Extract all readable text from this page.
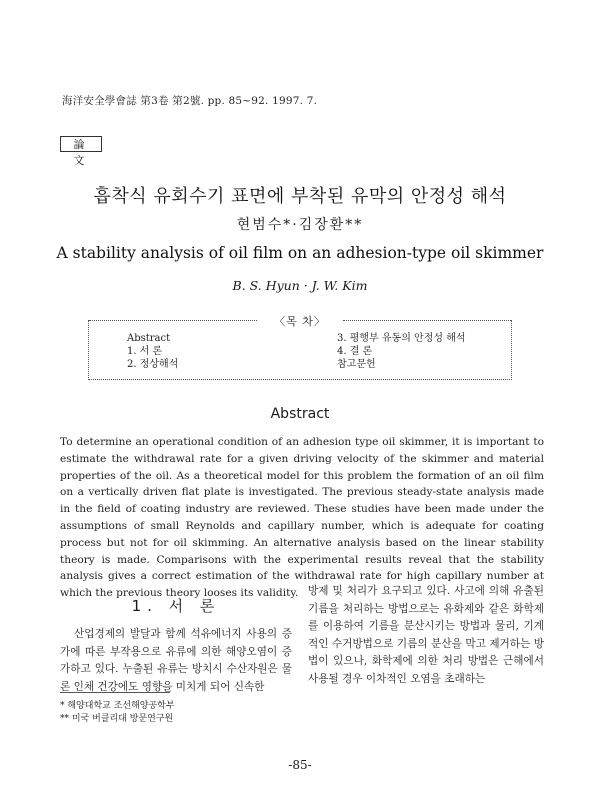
海洋安全學會誌 第3卷 第2號. pp. 85~92. 1997. 7.
論 文
흡착식 유회수기 표면에 부착된 유막의 안정성 해석
현범수*·김장환**
A stability analysis of oil film on an adhesion-type oil skimmer
B. S. Hyun · J. W. Kim
〈목 차〉
Abstract
1. 서 론
2. 정상해석
3. 평행부 유동의 안정성 해석
4. 결 론
참고문헌
Abstract
To determine an operational condition of an adhesion type oil skimmer, it is important to estimate the withdrawal rate for a given driving velocity of the skimmer and material properties of the oil. As a theoretical model for this problem the formation of an oil film on a vertically driven flat plate is investigated. The previous steady-state analysis made in the field of coating industry are reviewed. These studies have been made under the assumptions of small Reynolds and capillary number, which is adequate for coating process but not for oil skimming. An alternative analysis based on the linear stability theory is made. Comparisons with the experimental results reveal that the stability analysis gives a correct estimation of the withdrawal rate for high capillary number at which the previous theory looses its validity.
1. 서 론
산업경제의 발달과 함께 석유에너지 사용의 증가에 따른 부작용으로 유류에 의한 해양오염이 증가하고 있다. 누출된 유류는 방치시 수산자원은 물론 인체 건강에도 영향을 미치게 되어 신속한
방제 및 처리가 요구되고 있다. 사고에 의해 유출된 기름을 처리하는 방법으로는 유화제와 같은 화학제를 이용하여 기름을 분산시키는 방법과 물리, 기계적인 수거방법으로 기름의 분산을 막고 제거하는 방법이 있으나, 화학제에 의한 처리 방법은 근해에서 사용될 경우 이차적인 오염을 초래하는
* 해양대학교 조선해양공학부
** 미국 버클리대 방문연구원
-85-
